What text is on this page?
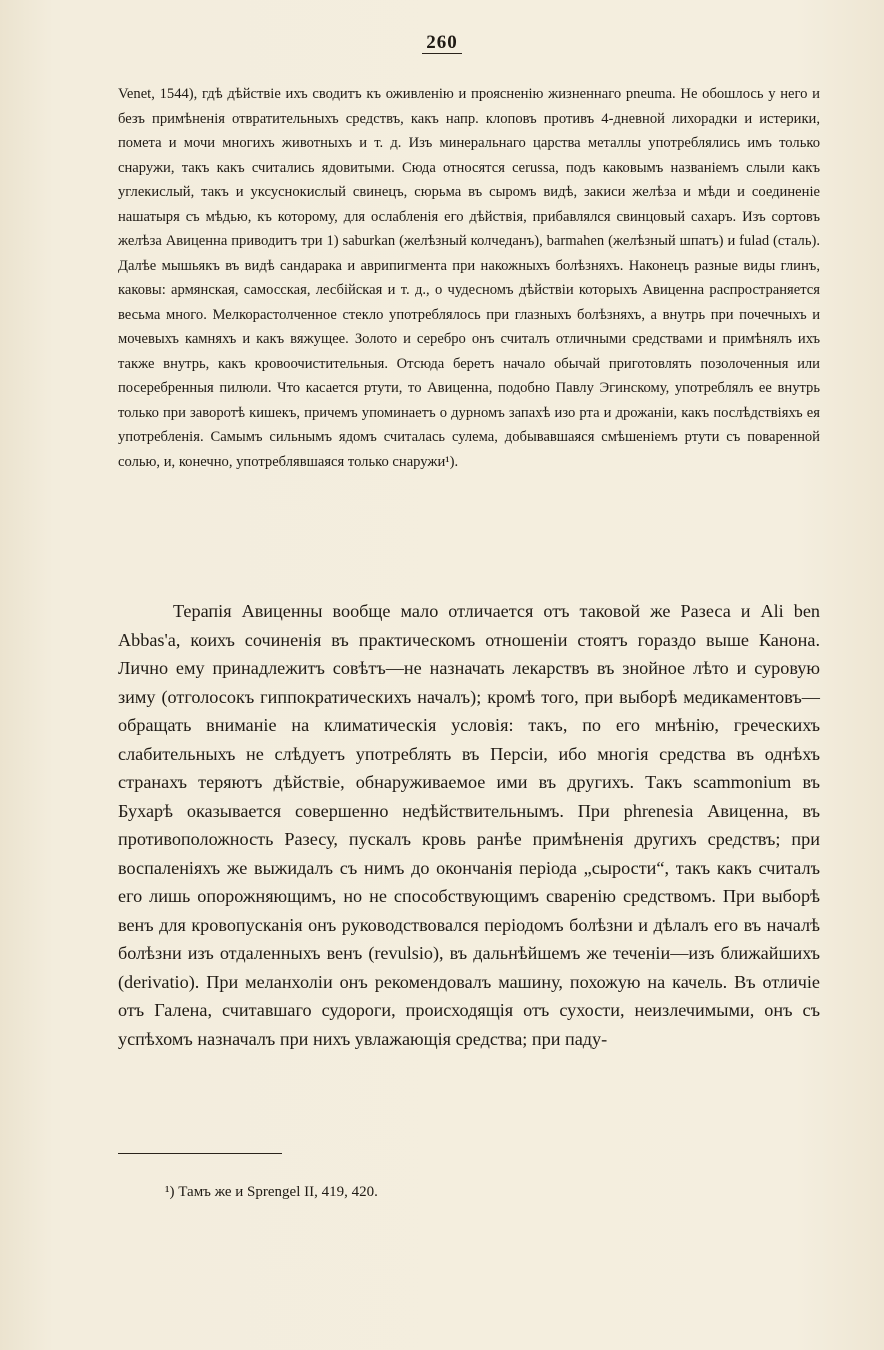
260

Venet, 1544), гдѣ дѣйствіе ихъ сводитъ къ оживленію и проясненію жизненнаго pneuma. Не обошлось у него и безъ примѣненія отвратительныхъ средствъ, какъ напр. клоповъ противъ 4-дневной лихорадки и истерики, помета и мочи многихъ животныхъ и т. д. Изъ минеральнаго царства металлы употреблялись имъ только снаружи, такъ какъ считались ядовитыми. Сюда относятся cerussa, подъ каковымъ названіемъ слыли какъ углекислый, такъ и уксуснокислый свинецъ, сюрьма въ сыромъ видѣ, закиси желѣза и мѣди и соединеніе нашатыря съ мѣдью, къ которому, для ослабленія его дѣйствія, прибавлялся свинцовый сахаръ. Изъ сортовъ желѣза Авиценна приводитъ три 1) saburkan (желѣзный колчеданъ), barmahen (желѣзный шпатъ) и fulad (сталь). Далѣе мышьякъ въ видѣ сандарака и аврипигмента при накожныхъ болѣзняхъ. Наконецъ разные виды глинъ, каковы: армянская, самосская, лесбійская и т. д., о чудесномъ дѣйствіи которыхъ Авиценна распространяется весьма много. Мелкорастолченное стекло употреблялось при глазныхъ болѣзняхъ, а внутрь при почечныхъ и мочевыхъ камняхъ и какъ вяжущее. Золото и серебро онъ считалъ отличными средствами и примѣнялъ ихъ также внутрь, какъ кровоочистительныя. Отсюда беретъ начало обычай приготовлять позолоченныя или посеребренныя пилюли. Что касается ртути, то Авиценна, подобно Павлу Эгинскому, употреблялъ ее внутрь только при заворотѣ кишекъ, причемъ упоминаетъ о дурномъ запахѣ изо рта и дрожаніи, какъ послѣдствіяхъ ея употребленія. Самымъ сильнымъ ядомъ считалась сулема, добывавшаяся смѣшеніемъ ртути съ поваренной солью, и, конечно, употреблявшаяся только снаружи¹).

Терапія Авиценны вообще мало отличается отъ таковой же Разеса и Ali ben Abbas'а, коихъ сочиненія въ практическомъ отношеніи стоятъ гораздо выше Канона. Лично ему принадлежитъ совѣтъ—не назначать лекарствъ въ знойное лѣто и суровую зиму (отголосокъ гиппократическихъ началъ); кромѣ того, при выборѣ медикаментовъ—обращать вниманіе на климатическія условія: такъ, по его мнѣнію, греческихъ слабительныхъ не слѣдуетъ употреблять въ Персіи, ибо многія средства въ однѣхъ странахъ теряютъ дѣйствіе, обнаруживаемое ими въ другихъ. Такъ scammonium въ Бухарѣ оказывается совершенно недѣйствительнымъ. При phrenesia Авиценна, въ противоположность Разесу, пускалъ кровь ранѣе примѣненія другихъ средствъ; при воспаленіяхъ же выжидалъ съ нимъ до окончанія періода „сырости“, такъ какъ считалъ его лишь опорожняющимъ, но не способствующимъ сваренію средствомъ. При выборѣ венъ для кровопусканія онъ руководствовался періодомъ болѣзни и дѣлалъ его въ началѣ болѣзни изъ отдаленныхъ венъ (revulsio), въ дальнѣйшемъ же теченіи—изъ ближайшихъ (derivatio). При меланхоліи онъ рекомендовалъ машину, похожую на качель. Въ отличіе отъ Галена, считавшаго судороги, происходящія отъ сухости, неизлечимыми, онъ съ успѣхомъ назначалъ при нихъ увлажающія средства; при паду-

¹) Тамъ же и Sprengel II, 419, 420.
